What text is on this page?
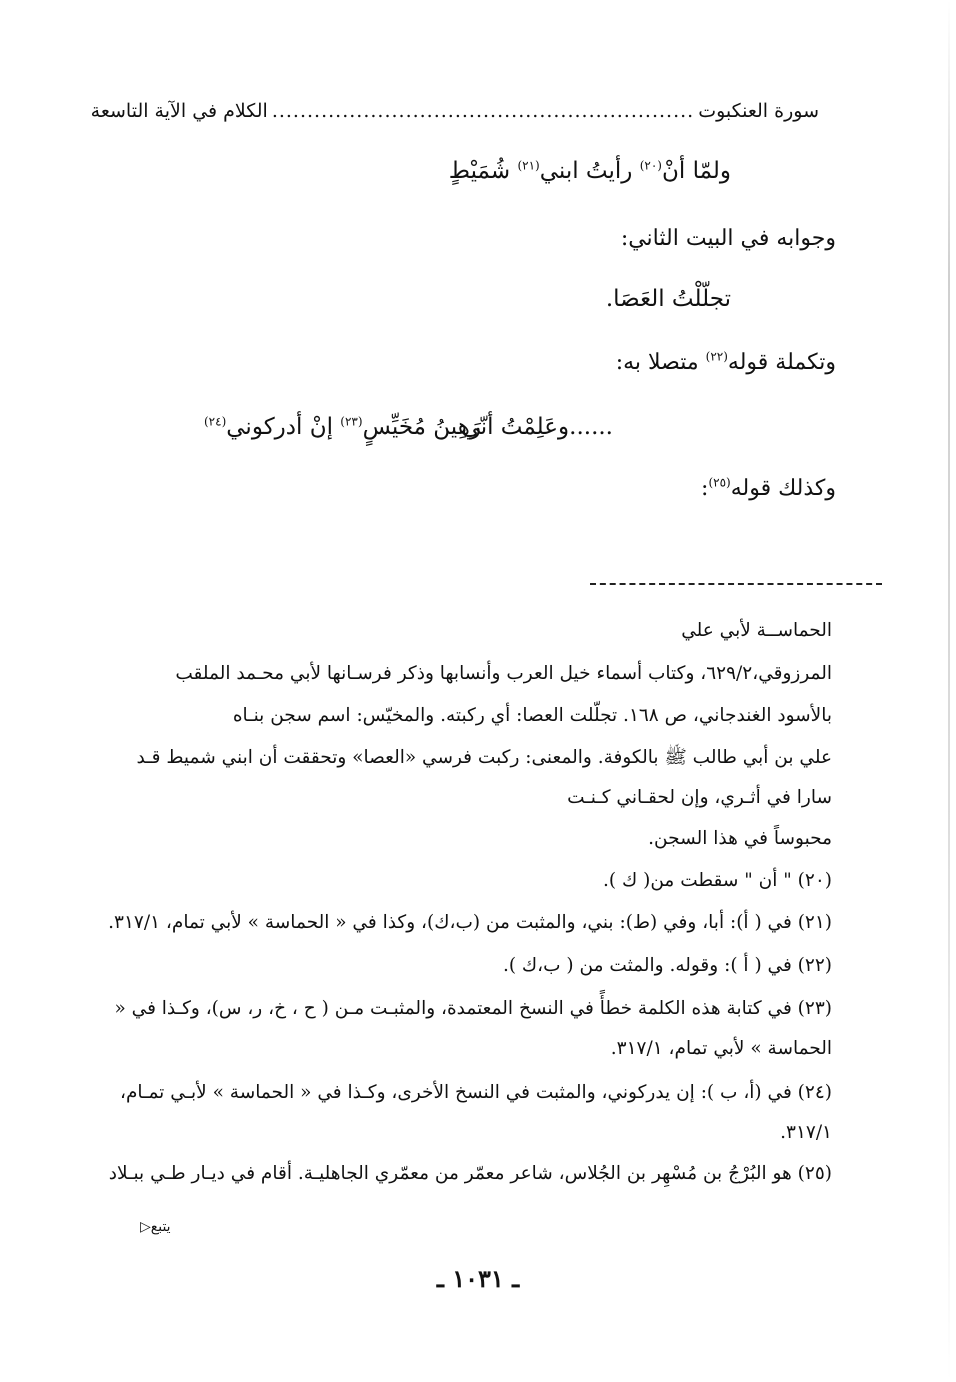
سورة العنكبوت
............................................................
الكلام في الآية التاسعة
ولمّا أنْ$^{(٢٠)}$ رأيتُ ابني$^{(٢١)}$ شُمَيْطٍ
وجوابه في البيت الثاني:
تجلّلْتُ العَصَا.
وتكملة قوله$^{(٢٢)}$ متصلا به:
......وعَلِمْتُ أنّي
رَهِينُ مُخَيِّسٍ$^{(٢٣)}$ إنْ أدركوني$^{(٢٤)}$
وكذلك قوله$^{(٢٥)}$:
الحماســة لأبي علي
المرزوقي،٦٢٩/٢، وكتاب أسماء خيل العرب وأنسابها وذكر فرسـانها لأبي محـمد الملقب
بالأسود الغندجاني، ص ١٦٨. تجلّلت العصا: أي ركبته. والمخيّس: اسم سجن بنـاه
علي بن أبي طالب ﷺ بالكوفة. والمعنى: ركبت فرسي «العصا» وتحققت أن ابني شميط قـد
سارا في أثـري، وإن لحقـاني كـنـت
محبوساً في هذا السجن.
(٢٠) " أن " سقطت من( ك ).
(٢١) في ( أ): أبا، وفي (ط): بني، والمثبت من (ب،ك)، وكذا في « الحماسة » لأبي تمام، ٣١٧/١.
(٢٢) في ( أ ): وقوله. والمثت من ( ب،ك ).
(٢٣) في كتابة هذه الكلمة خطأً في النسخ المعتمدة، والمثبـت مـن ( ح ، خ، ر، س)، وكـذا في «
الحماسة » لأبي تمام، ٣١٧/١.
(٢٤) في (أ، ب ): إن يدركوني، والمثبت في النسخ الأخرى، وكـذا في « الحماسة » لأبـي تمـام،
٣١٧/١.
(٢٥) هو البُرْجُ بن مُسْهِر بن الجُلاس، شاعر معمّر من معمّري الجاهليـة. أقام في ديـار طـي ببـلاد
يتبع▷
ـ ١٠٣١ ـ
